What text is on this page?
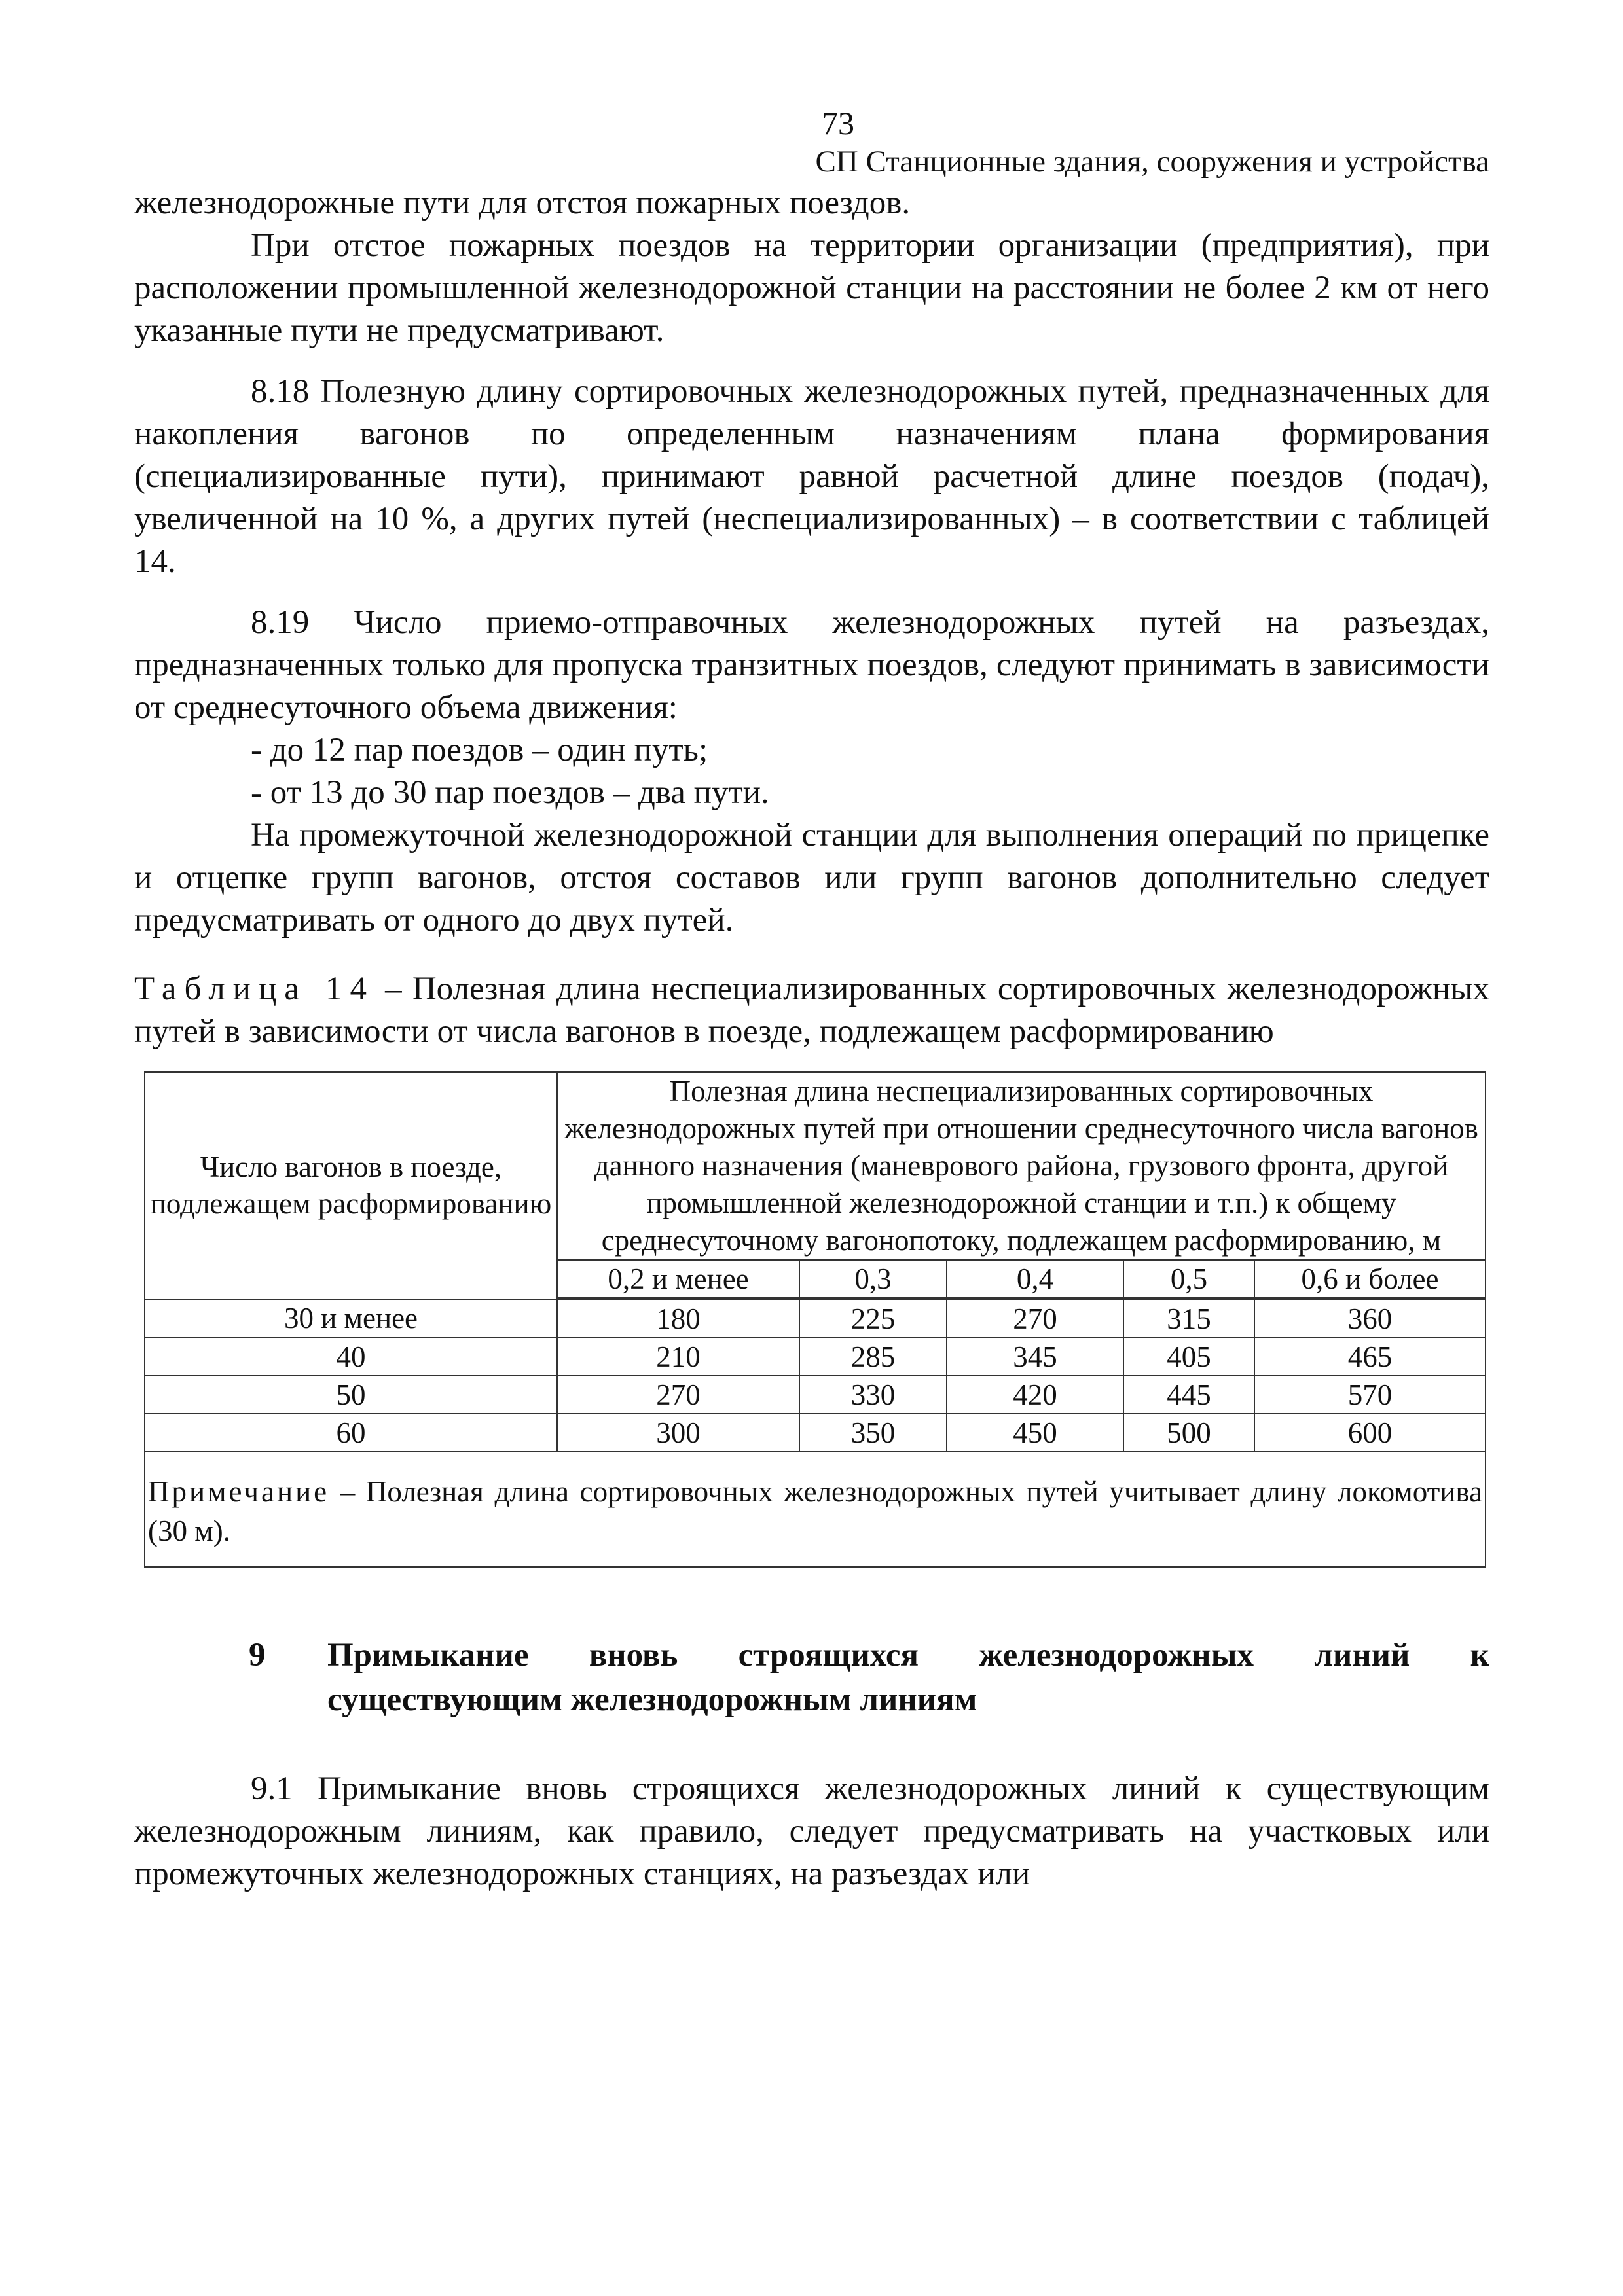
73
СП Станционные здания, сооружения и устройства

железнодорожные пути для отстоя пожарных поездов.

При отстое пожарных поездов на территории организации (предприятия), при расположении промышленной железнодорожной станции на расстоянии не более 2 км от него указанные пути не предусматривают.

8.18 Полезную длину сортировочных железнодорожных путей, предназначенных для накопления вагонов по определенным назначениям плана формирования (специализированные пути), принимают равной расчетной длине поездов (подач), увеличенной на 10 %, а других путей (неспециализированных) – в соответствии с таблицей 14.

8.19 Число приемо-отправочных железнодорожных путей на разъездах, предназначенных только для пропуска транзитных поездов, следуют принимать в зависимости от среднесуточного объема движения:

- до 12 пар поездов – один путь;

- от 13 до 30 пар поездов – два пути.

На промежуточной железнодорожной станции для выполнения операций по прицепке и отцепке групп вагонов, отстоя составов или групп вагонов дополнительно следует предусматривать от одного до двух путей.

Таблица 14 – Полезная длина неспециализированных сортировочных железнодорожных путей в зависимости от числа вагонов в поезде, подлежащем расформированию
Число вагонов в поезде, подлежащем расформированию	Полезная длина неспециализированных сортировочных железнодорожных путей при отношении среднесуточного числа вагонов данного назначения (маневрового района, грузового фронта, другой промышленной железнодорожной станции и т.п.) к общему среднесуточному вагонопотоку, подлежащем расформированию, м				
	0,2 и менее	0,3	0,4	0,5	0,6 и более
30 и менее	180	225	270	315	360
40	210	285	345	405	465
50	270	330	420	445	570
60	300	350	450	500	600
Примечание – Полезная длина сортировочных железнодорожных путей учитывает длину локомотива (30 м).					
9	Примыкание вновь строящихся железнодорожных линий к
существующим железнодорожным линиям

9.1 Примыкание вновь строящихся железнодорожных линий к существующим железнодорожным линиям, как правило, следует предусматривать на участковых или промежуточных железнодорожных станциях, на разъездах или
